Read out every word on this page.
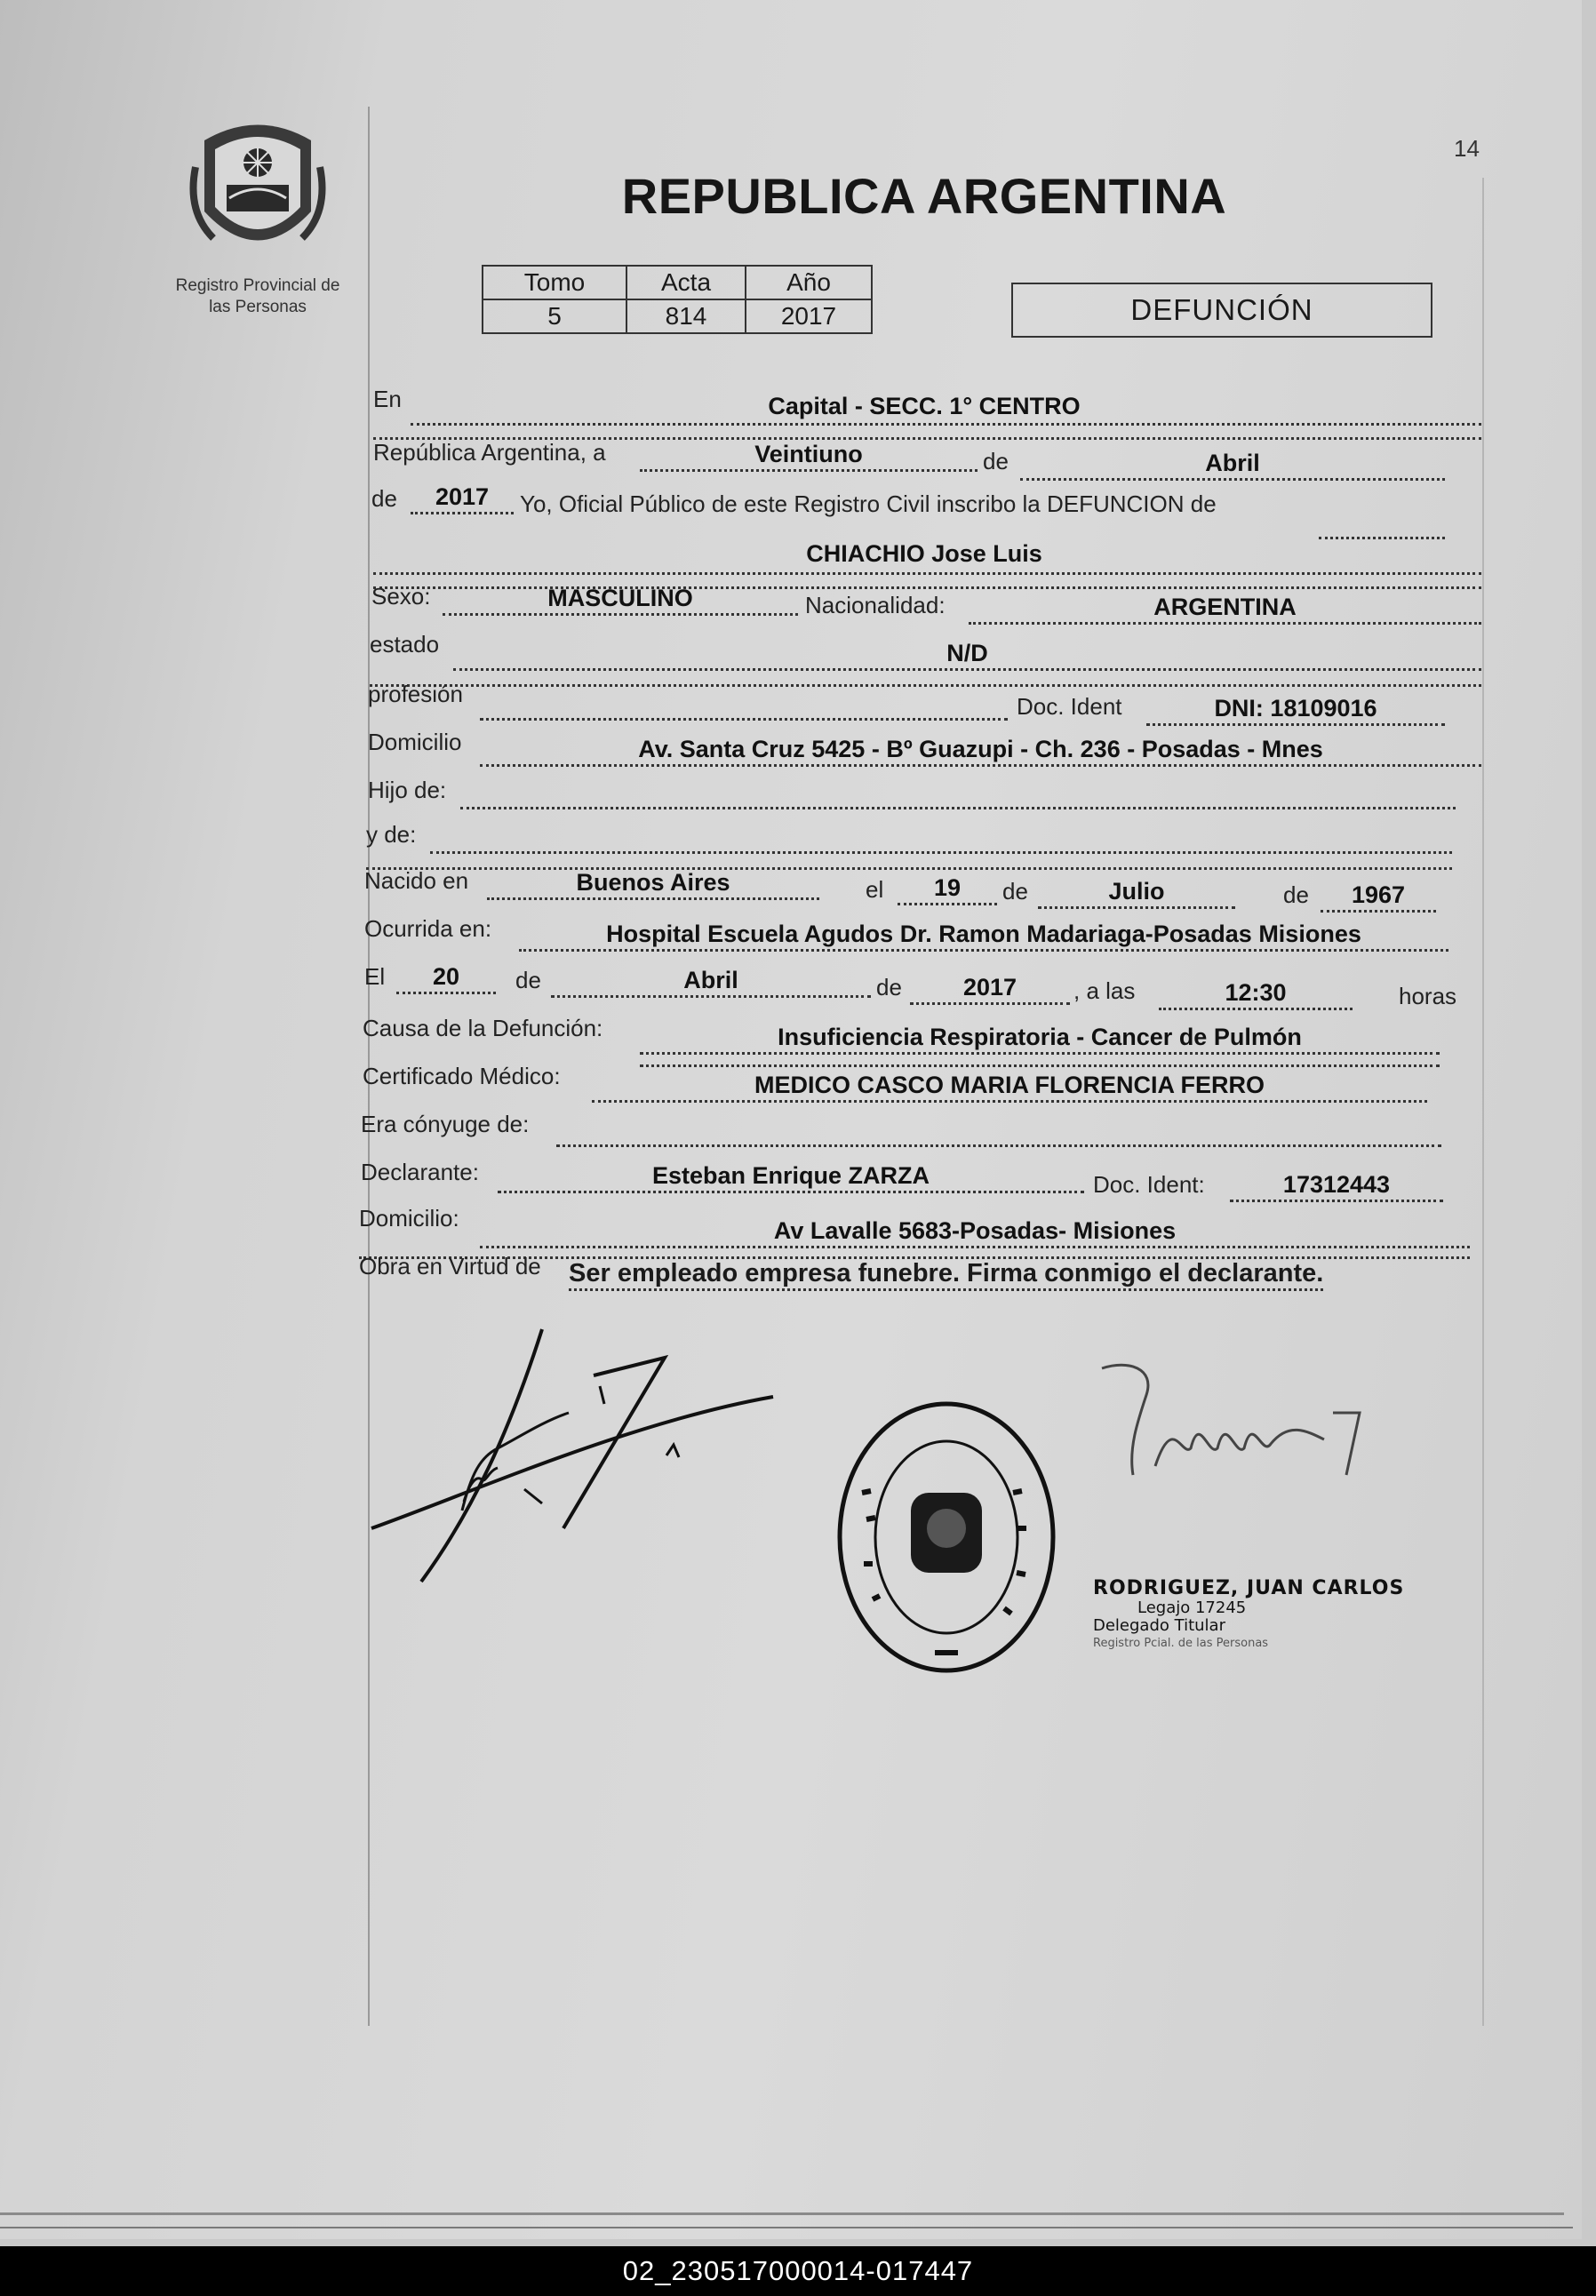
14
Registro Provincial de
las Personas
REPUBLICA ARGENTINA
Tomo	Acta	Año
5	814	2017	DEFUNCIÓN
En	Capital - SECC. 1° CENTRO
República Argentina, a	Veintiuno	de	Abril
de	2017	Yo, Oficial Público de este Registro Civil inscribo la DEFUNCION de
CHIACHIO Jose Luis
Sexo:	MASCULINO	Nacionalidad:	ARGENTINA
estado	N/D
profesión	Doc. Ident	DNI: 18109016
Domicilio	Av. Santa Cruz 5425 - Bº Guazupi - Ch. 236 - Posadas - Mnes
Hijo de:
y de:
Nacido en	Buenos Aires	el	19	de	Julio	de	1967
Ocurrida en:	Hospital Escuela Agudos Dr. Ramon Madariaga-Posadas Misiones
El	20	de	Abril	de	2017	, a las	12:30	horas
Causa de la Defunción:	Insuficiencia Respiratoria - Cancer de Pulmón
Certificado Médico:	MEDICO CASCO MARIA FLORENCIA FERRO
Era cónyuge de:
Declarante:	Esteban Enrique ZARZA	Doc. Ident:	17312443
Domicilio:	Av Lavalle 5683-Posadas- Misiones
Obra en Virtud de Ser empleado empresa funebre. Firma conmigo el declarante.
RODRIGUEZ, JUAN CARLOS
Legajo 17245
Delegado Titular
Registro Pcial. de las Personas
02_230517000014-017447
